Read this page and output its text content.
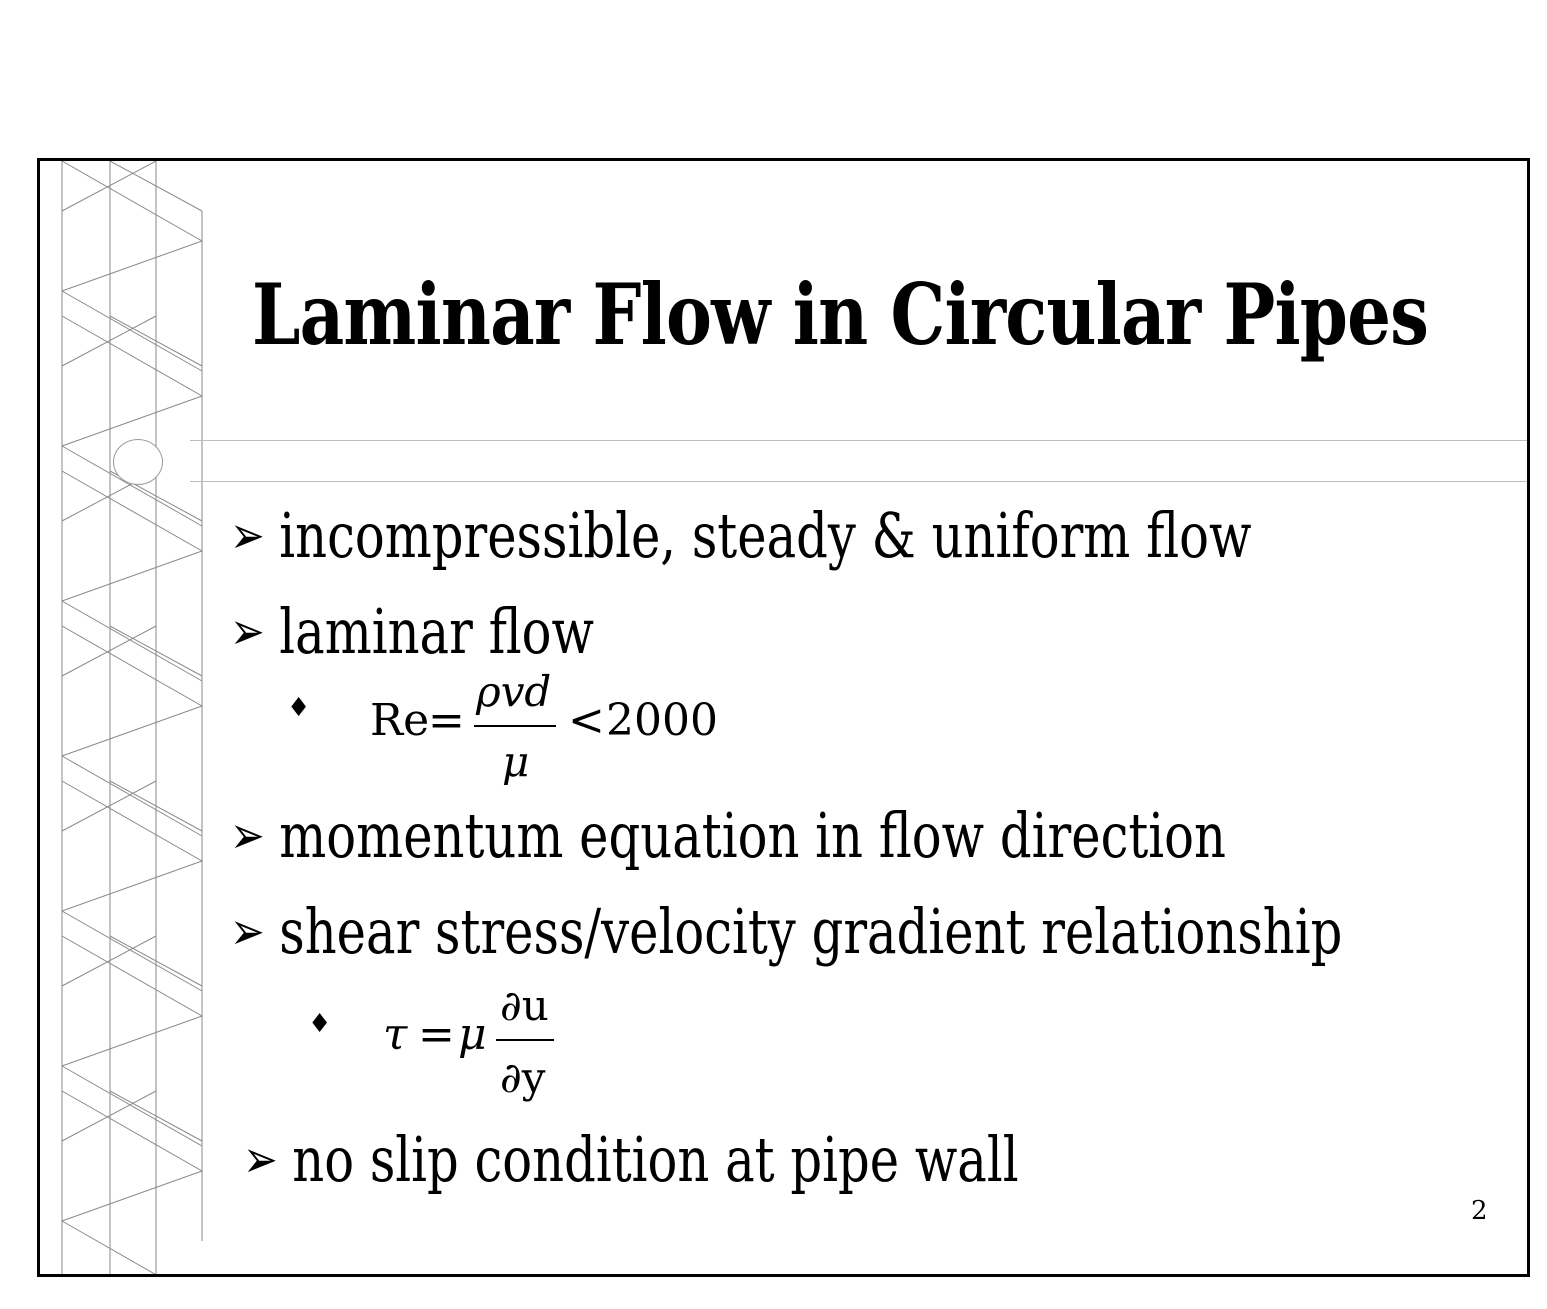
Laminar Flow in Circular Pipes
➢ incompressible, steady & uniform flow
➢ laminar flow
♦ Re
=
ρvd
μ
< 2000
➢ momentum equation in flow direction
➢ shear stress/velocity gradient relationship
♦ τ = μ
∂u
∂y
➢ no slip condition at pipe wall
2
